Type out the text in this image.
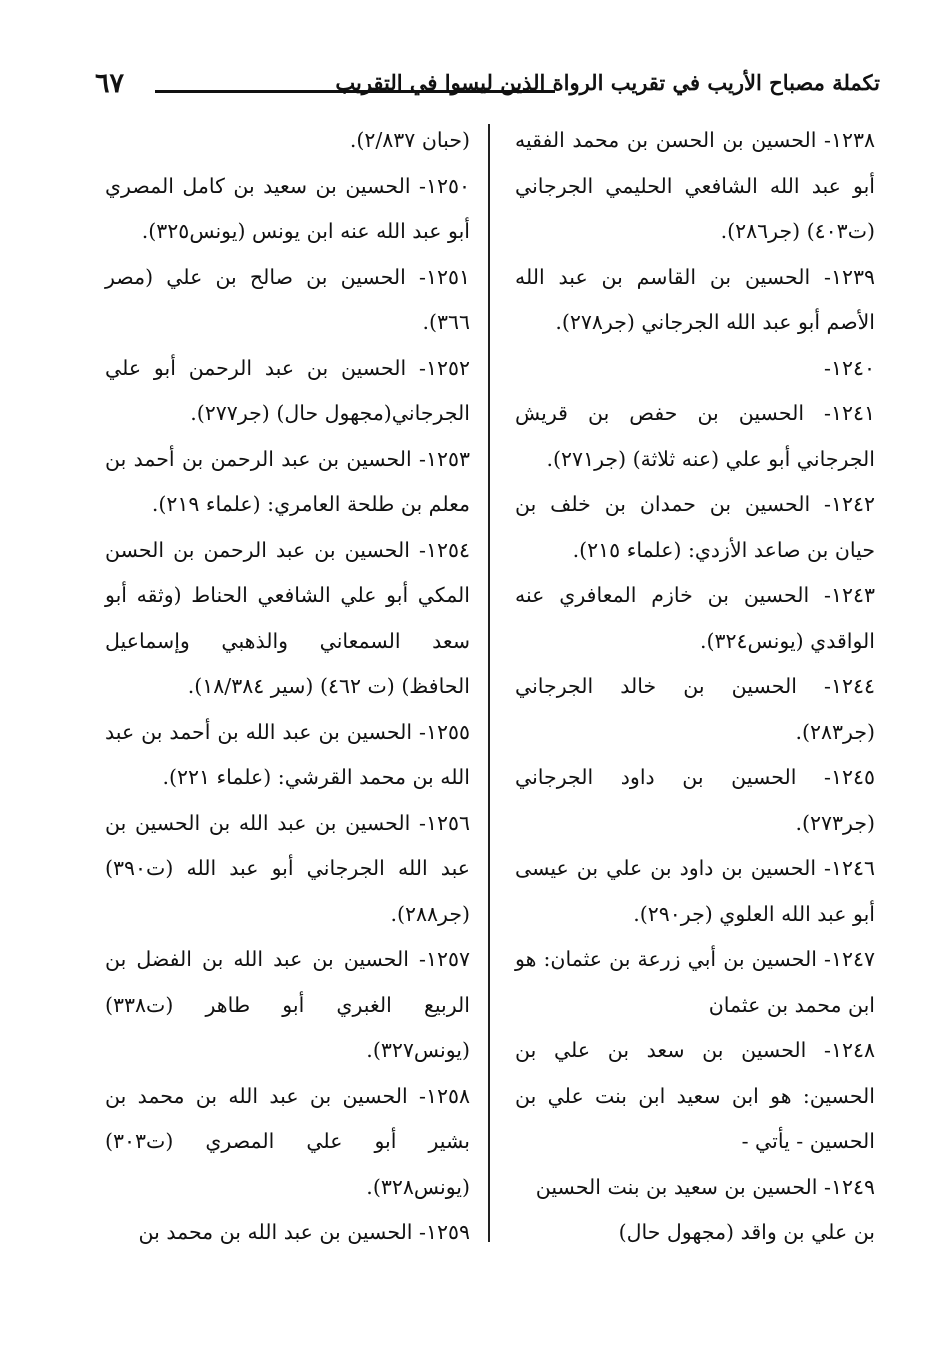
٦٧	تكملة مصباح الأريب في تقريب الرواة الذين ليسوا في التقريب

١٢٣٨- الحسين بن الحسن بن محمد الفقيه أبو عبد الله الشافعي الحليمي الجرجاني (ت٤٠٣) (جر٢٨٦).

١٢٣٩- الحسين بن القاسم بن عبد الله الأصم أبو عبد الله الجرجاني (جر٢٧٨).

١٢٤٠-

١٢٤١- الحسين بن حفص بن قريش الجرجاني أبو علي (عنه ثلاثة) (جر٢٧١).

١٢٤٢- الحسين بن حمدان بن خلف بن حيان بن صاعد الأزدي: (علماء ٢١٥).

١٢٤٣- الحسين بن خازم المعافري عنه الواقدي (يونس٣٢٤).

١٢٤٤- الحسين بن خالد الجرجاني (جر٢٨٣).

١٢٤٥- الحسين بن داود الجرجاني (جر٢٧٣).

١٢٤٦- الحسين بن داود بن علي بن عيسى أبو عبد الله العلوي (جر٢٩٠).

١٢٤٧- الحسين بن أبي زرعة بن عثمان: هو ابن محمد بن عثمان

١٢٤٨- الحسين بن سعد بن علي بن الحسين: هو ابن سعيد ابن بنت علي بن الحسين - يأتي -

١٢٤٩- الحسين بن سعيد بن بنت الحسين بن علي بن واقد (مجهول حال)

(حبان ٢/٨٣٧).

١٢٥٠- الحسين بن سعيد بن كامل المصري أبو عبد الله عنه ابن يونس (يونس٣٢٥).

١٢٥١- الحسين بن صالح بن علي (مصر ٣٦٦).

١٢٥٢- الحسين بن عبد الرحمن أبو علي الجرجاني(مجهول حال) (جر٢٧٧).

١٢٥٣- الحسين بن عبد الرحمن بن أحمد بن معلم بن طلحة العامري: (علماء ٢١٩).

١٢٥٤- الحسين بن عبد الرحمن بن الحسن المكي أبو علي الشافعي الحناط (وثقه أبو سعد السمعاني والذهبي وإسماعيل الحافظ) (ت ٤٦٢) (سير ١٨/٣٨٤).

١٢٥٥- الحسين بن عبد الله بن أحمد بن عبد الله بن محمد القرشي: (علماء ٢٢١).

١٢٥٦- الحسين بن عبد الله بن الحسين بن عبد الله الجرجاني أبو عبد الله (ت٣٩٠) (جر٢٨٨).

١٢٥٧- الحسين بن عبد الله بن الفضل بن الربيع الغبري أبو طاهر (ت٣٣٨) (يونس٣٢٧).

١٢٥٨- الحسين بن عبد الله بن محمد بن بشير أبو علي المصري (ت٣٠٣) (يونس٣٢٨).

١٢٥٩- الحسين بن عبد الله بن محمد بن
